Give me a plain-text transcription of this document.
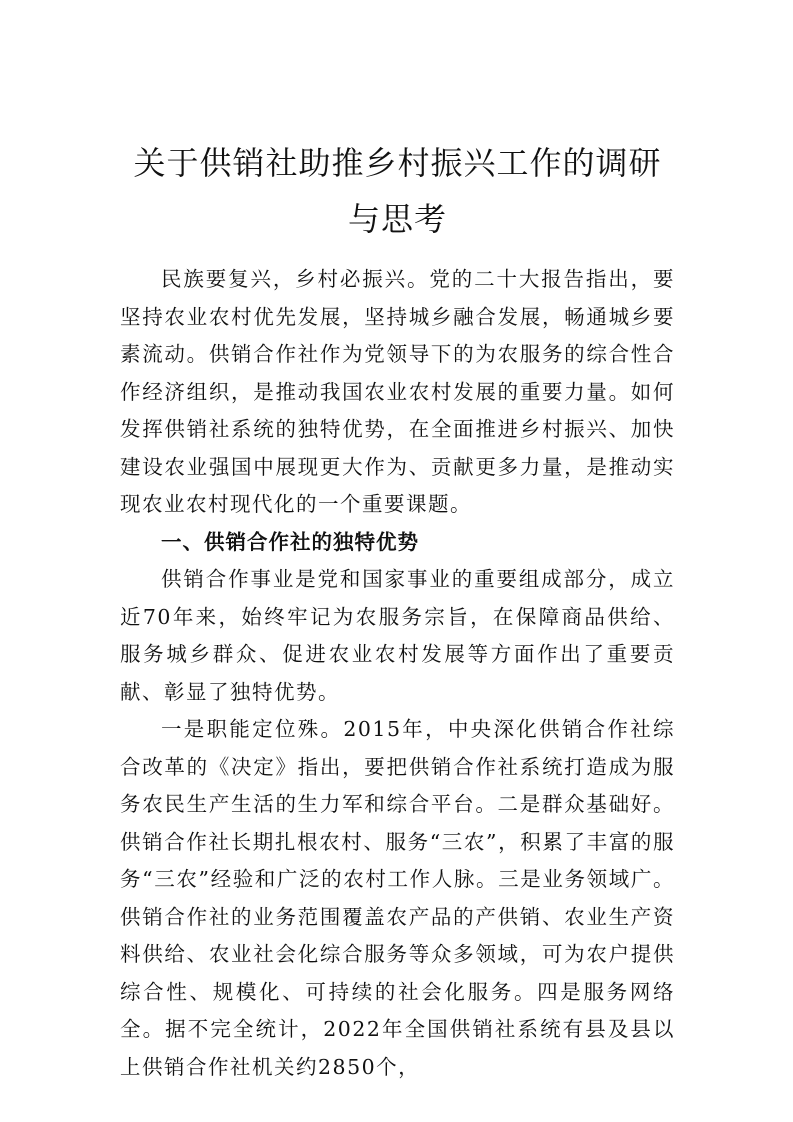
关于供销社助推乡村振兴工作的调研与思考

民族要复兴，乡村必振兴。党的二十大报告指出，要坚持农业农村优先发展，坚持城乡融合发展，畅通城乡要素流动。供销合作社作为党领导下的为农服务的综合性合作经济组织，是推动我国农业农村发展的重要力量。如何发挥供销社系统的独特优势，在全面推进乡村振兴、加快建设农业强国中展现更大作为、贡献更多力量，是推动实现农业农村现代化的一个重要课题。

一、供销合作社的独特优势

供销合作事业是党和国家事业的重要组成部分，成立近70年来，始终牢记为农服务宗旨，在保障商品供给、服务城乡群众、促进农业农村发展等方面作出了重要贡献、彰显了独特优势。

一是职能定位殊。2015年，中央深化供销合作社综合改革的《决定》指出，要把供销合作社系统打造成为服务农民生产生活的生力军和综合平台。二是群众基础好。供销合作社长期扎根农村、服务“三农”，积累了丰富的服务“三农”经验和广泛的农村工作人脉。三是业务领域广。供销合作社的业务范围覆盖农产品的产供销、农业生产资料供给、农业社会化综合服务等众多领域，可为农户提供综合性、规模化、可持续的社会化服务。四是服务网络全。据不完全统计，2022年全国供销社系统有县及县以上供销合作社机关约2850个，
